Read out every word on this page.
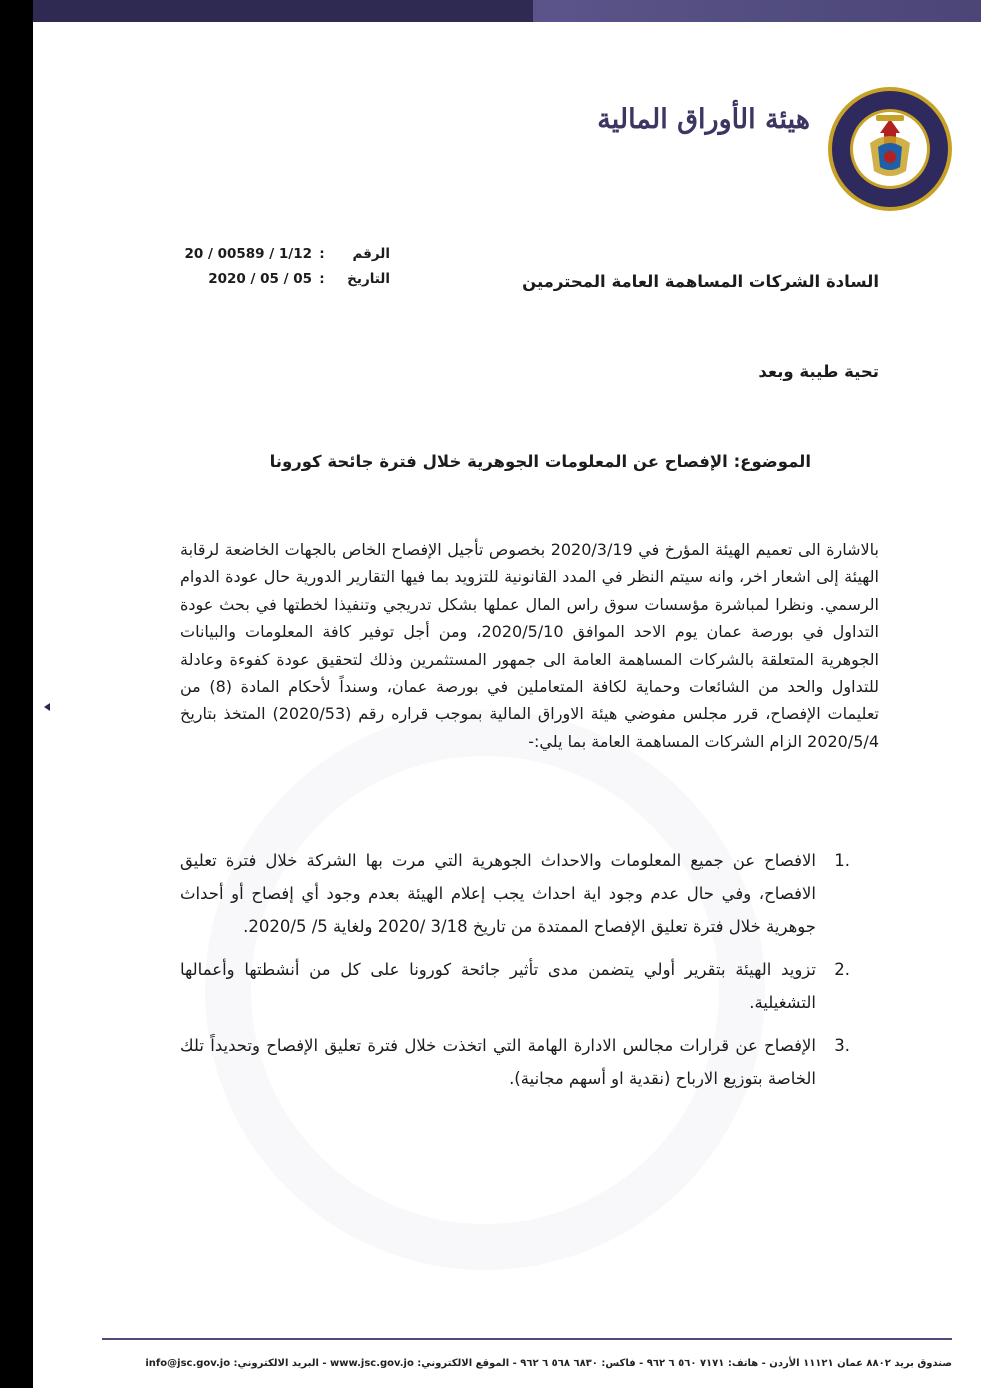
هيئة الأوراق المالية
الرقم
:
20 / 00589 / 1/12
التاريخ
:
2020 / 05 / 05	السادة الشركات المساهمة العامة المحترمين
تحية طيبة وبعد
الموضوع: الإفصاح عن المعلومات الجوهرية خلال فترة جائحة كورونا
بالاشارة الى تعميم الهيئة المؤرخ في 2020/3/19 بخصوص تأجيل الإفصاح الخاص بالجهات الخاضعة لرقابة الهيئة إلى اشعار اخر، وانه سيتم النظر في المدد القانونية للتزويد بما فيها التقارير الدورية حال عودة الدوام الرسمي. ونظرا لمباشرة مؤسسات سوق راس المال عملها بشكل تدريجي وتنفيذا لخطتها في بحث عودة التداول في بورصة عمان يوم الاحد الموافق 2020/5/10، ومن أجل توفير كافة المعلومات والبيانات الجوهرية المتعلقة بالشركات المساهمة العامة الى جمهور المستثمرين وذلك لتحقيق عودة كفوءة وعادلة للتداول والحد من الشائعات وحماية لكافة المتعاملين في بورصة عمان، وسنداً لأحكام المادة (8) من تعليمات الإفصاح، قرر مجلس مفوضي هيئة الاوراق المالية بموجب قراره رقم (2020/53) المتخذ بتاريخ 2020/5/4 الزام الشركات المساهمة العامة بما يلي:-
1.
الافصاح عن جميع المعلومات والاحداث الجوهرية التي مرت بها الشركة خلال فترة تعليق الافصاح، وفي حال عدم وجود اية احداث يجب إعلام الهيئة بعدم وجود أي إفصاح أو أحداث جوهرية خلال فترة تعليق الإفصاح الممتدة من تاريخ 3/18 /2020 ولغاية 5/ 2020/5.
2.
تزويد الهيئة بتقرير أولي يتضمن مدى تأثير جائحة كورونا على كل من أنشطتها وأعمالها التشغيلية.
3.
الإفصاح عن قرارات مجالس الادارة الهامة التي اتخذت خلال فترة تعليق الإفصاح وتحديداً تلك الخاصة بتوزيع الارباح (نقدية او أسهم مجانية).
صندوق بريد ٨٨٠٢ عمان ١١١٢١ الأردن - هاتف: ٧١٧١ ٥٦٠ ٦ ٩٦٢ - فاكس: ٦٨٣٠ ٥٦٨ ٦ ٩٦٢ - الموقع الالكتروني: www.jsc.gov.jo - البريد الالكتروني: info@jsc.gov.jo
